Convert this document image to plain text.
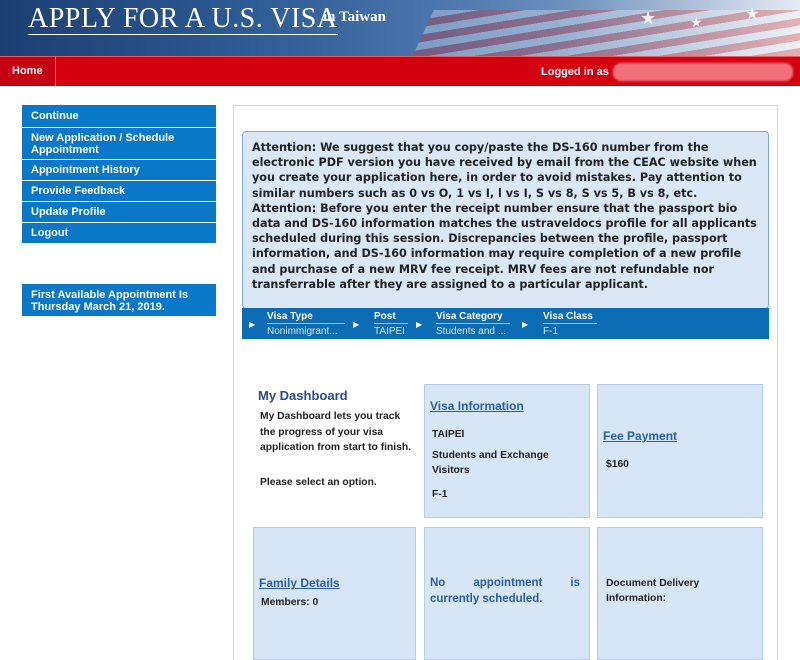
★ ★	★
APPLY FOR A U.S. VISA
in Taiwan
Home	Logged in as
Continue
New Application / Schedule Appointment
Appointment History
Provide Feedback
Update Profile
Logout
First Available Appointment Is Thursday March 21, 2019.
Attention: We suggest that you copy/paste the DS-160 number from the electronic PDF version you have received by email from the CEAC website when you create your application here, in order to avoid mistakes. Pay attention to similar numbers such as 0 vs O, 1 vs I, l vs I, S vs 8, S vs 5, B vs 8, etc. Attention: Before you enter the receipt number ensure that the passport bio data and DS-160 information matches the ustraveldocs profile for all applicants scheduled during this session. Discrepancies between the profile, passport information, and DS-160 information may require completion of a new profile and purchase of a new MRV fee receipt. MRV fees are not refundable nor transferrable after they are assigned to a particular applicant.
▶
Visa Type
Nonimmigrant...
▶
Post
TAIPEI
▶
Visa Category
Students and ...
▶
Visa Class
F-1
My Dashboard
My Dashboard lets you track the progress of your visa application from start to finish.
Please select an option.
Visa Information
TAIPEI
Students and Exchange Visitors
F-1
Fee Payment
$160
Family Details
Members: 0
No appointment is
currently scheduled.
Document Delivery Information:
